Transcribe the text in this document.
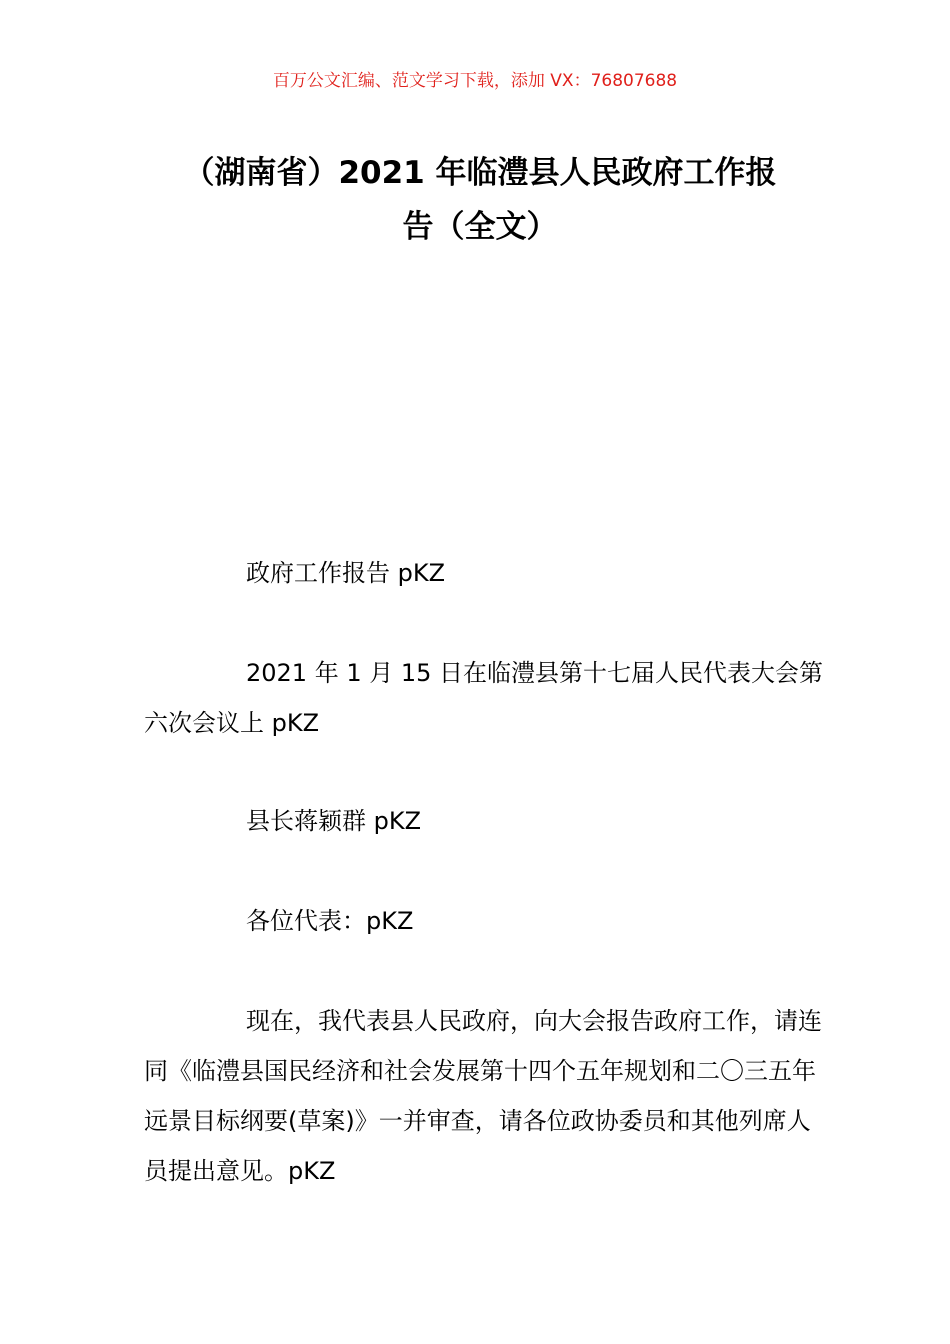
百万公文汇编、范文学习下载，添加 VX：76807688
（湖南省）2021 年临澧县人民政府工作报
告（全文）

政府工作报告 pKZ

2021 年 1 月 15 日在临澧县第十七届人民代表大会第六次会议上 pKZ

县长蒋颖群 pKZ

各位代表：pKZ

现在，我代表县人民政府，向大会报告政府工作，请连同《临澧县国民经济和社会发展第十四个五年规划和二〇三五年远景目标纲要(草案)》一并审查，请各位政协委员和其他列席人员提出意见。pKZ
